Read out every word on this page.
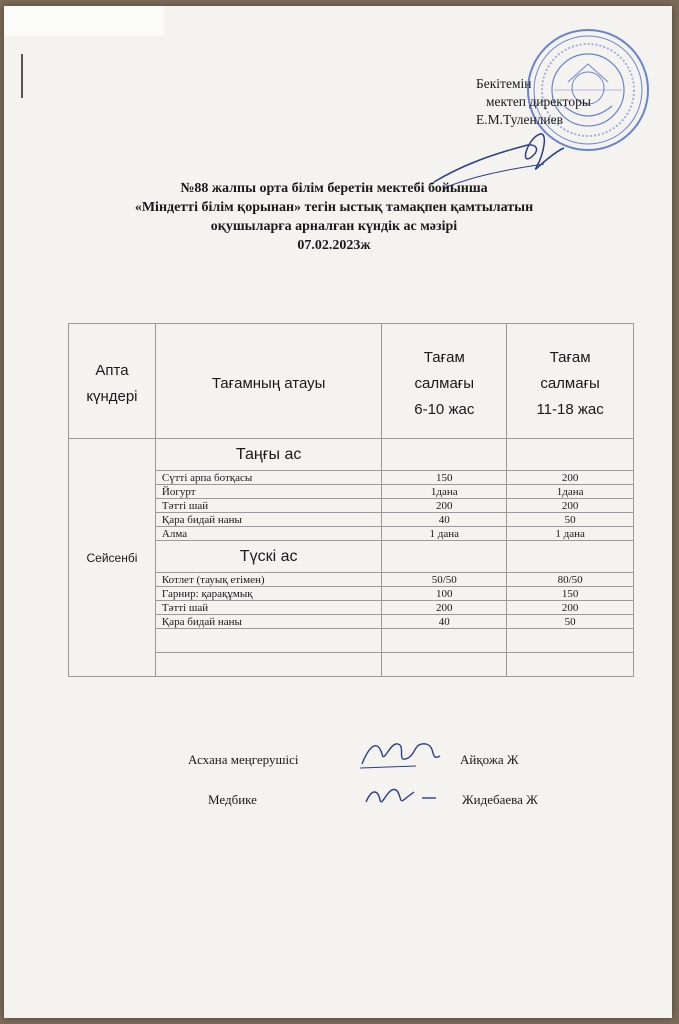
Бекітемін
мектеп директоры
Е.М.Туленлиев
№88 жалпы орта білім беретін мектебі бойынша
«Міндетті білім қорынан» тегін ыстық тамақпен қамтылатын
оқушыларға арналған күндік ас мәзірі
07.02.2023ж
Апта
күндері	Тағамның атауы	Тағам
салмағы
6-10 жас	Тағам
салмағы
11-18 жас

Сейсенбі	Таңғы ас		
	Сүтті арпа ботқасы	150	200
	Йогурт	1дана	1дана
	Тәтті шай	200	200
	Қара бидай наны	40	50
	Алма	1 дана	1 дана
	Түскі ас		
	Котлет (тауық етімен)	50/50	80/50
	Гарнир: қарақұмық	100	150
	Тәтті шай	200	200
	Қара бидай наны	40	50

Асхана меңгерушісі	Айқожа Ж
Медбике	Жидебаева Ж
